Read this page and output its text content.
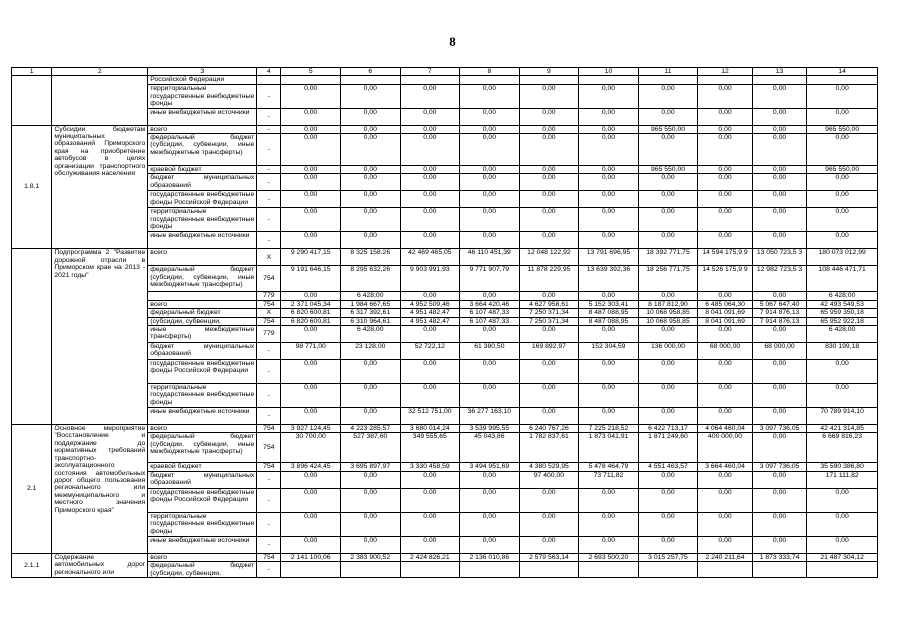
8
1	2	3	4	5	6	7	8	9	10	11	12	13	14
		Российской Федерации											
		территориальные государственные внебюджетные фонды	-	0,00	0,00	0,00	0,00	0,00	0,00	0,00	0,00	0,00	0,00
		иные внебюджетные источники	-	0,00	0,00	0,00	0,00	0,00	0,00	0,00	0,00	0,00	0,00
1.8.1	Субсидии бюджетам муниципальных образований Приморского края на приобретение автобусов в целях организации транспортного обслуживания населения	всего	-	0,00	0,00	0,00	0,00	0,00	0,00	965 550,00	0,00	0,00	965 550,00
		федеральный бюджет (субсидии, субвенции, иные межбюджетные трансферты)	-	0,00	0,00	0,00	0,00	0,00	0,00	0,00	0,00	0,00	0,00
		краевой бюджет	-	0,00	0,00	0,00	0,00	0,00	0,00	965 550,00	0,00	0,00	965 550,00
		бюджет муниципальных образований	-	0,00	0,00	0,00	0,00	0,00	0,00	0,00	0,00	0,00	0,00
		государственные внебюджетные фонды Российской Федерации	-	0,00	0,00	0,00	0,00	0,00	0,00	0,00	0,00	0,00	0,00
		территориальные государственные внебюджетные фонды	-	0,00	0,00	0,00	0,00	0,00	0,00	0,00	0,00	0,00	0,00
		иные внебюджетные источники	-	0,00	0,00	0,00	0,00	0,00	0,00	0,00	0,00	0,00	0,00
	Подпрограмма 2 "Развитие дорожной отрасли в Приморском крае на 2013 - 2021 годы"	всего	X	9 290 417,15	8 325 158,26	42 469 465,05	46 110 451,39	12 048 122,92	13 791 696,95	18 392 771,75	14 594 175,9 9	13 050 723,5 3	180 073 012,99
		федеральный бюджет (субсидии, субвенции, иные межбюджетные трансферты)	754	9 191 646,15	8 295 632,26	9 903 991,93	9 771 907,79	11 878 229,95	13 639 392,36	18 256 771,75	14 526 175,9 9	12 982 723,5 3	108 446 471,71
			779	0,00	6 428,00	0,00	0,00	0,00	0,00	0,00	0,00	0,00	6 428,00
		всего	754	2 371 045,34	1 984 667,65	4 952 509,46	3 664 420,46	4 627 958,61	5 152 303,41	8 187 812,90	6 485 064,30	5 067 647,40	42 493 549,53
		федеральный бюджет	X	6 820 600,81	6 317 392,61	4 951 482,47	6 107 487,33	7 250 371,34	8 487 088,95	10 068 958,85	8 041 091,69	7 914 876,13	65 959 350,18
		(субсидии, субвенции,	754	6 820 600,81	6 310 964,61	4 951 482,47	6 107 487,33	7 250 371,34	8 487 088,95	10 068 958,85	8 041 091,69	7 914 876,13	65 952 922,18
		иные межбюджетные трансферты)	779	0,00	6 428,00	0,00	0,00	0,00	0,00	0,00	0,00	0,00	6 428,00
		бюджет муниципальных образований	-	98 771,00	23 128,00	52 722,12	61 380,50	169 892,97	152 304,59	136 000,00	68 000,00	68 000,00	830 199,18
		государственные внебюджетные фонды Российской Федерации	-	0,00	0,00	0,00	0,00	0,00	0,00	0,00	0,00	0,00	0,00
		территориальные государственные внебюджетные фонды	-	0,00	0,00	0,00	0,00	0,00	0,00	0,00	0,00	0,00	0,00
		иные внебюджетные источники	-	0,00	0,00	32 512 751,00	36 277 163,10	0,00	0,00	0,00	0,00	0,00	70 789 914,10
2.1	Основное мероприятие "Восстановление и поддержание до нормативных требований транспортно-эксплуатационного состояния автомобильных дорог общего пользования регионального или межмуниципального и местного значения Приморского края"	всего	754	3 927 124,45	4 223 285,57	3 680 014,24	3 539 995,55	6 240 767,26	7 225 218,52	6 422 713,17	4 064 460,04	3 097 736,05	42 421 314,85
		федеральный бюджет (субсидии, субвенции, иные межбюджетные трансферты)	754	30 700,00	527 387,60	349 555,65	45 043,86	1 782 837,61	1 873 041,91	1 871 249,60	400 000,00	0,00	6 669 816,23
		краевой бюджет	754	3 896 424,45	3 695 897,97	3 330 458,59	3 494 951,69	4 380 529,95	5 478 464,79	4 551 463,57	3 664 460,04	3 097 736,05	35 590 386,80
		бюджет муниципальных образований	-	0,00	0,00	0,00	0,00	97 400,00	73 711,82	0,00	0,00	0,00	171 111,82
		государственные внебюджетные фонды Российской Федерации	-	0,00	0,00	0,00	0,00	0,00	0,00	0,00	0,00	0,00	0,00
		территориальные государственные внебюджетные фонды	-	0,00	0,00	0,00	0,00	0,00	0,00	0,00	0,00	0,00	0,00
		иные внебюджетные источники	-	0,00	0,00	0,00	0,00	0,00	0,00	0,00	0,00	0,00	0,00
2.1.1	Содержание автомобильных дорог регионального или	всего	754	2 141 100,06	2 383 900,52	2 424 826,21	2 136 010,86	2 579 563,14	2 693 500,20	3 015 257,75	2 240 211,64	1 873 333,74	21 487 304,12
		федеральный бюджет (субсидии, субвенции,	-										
